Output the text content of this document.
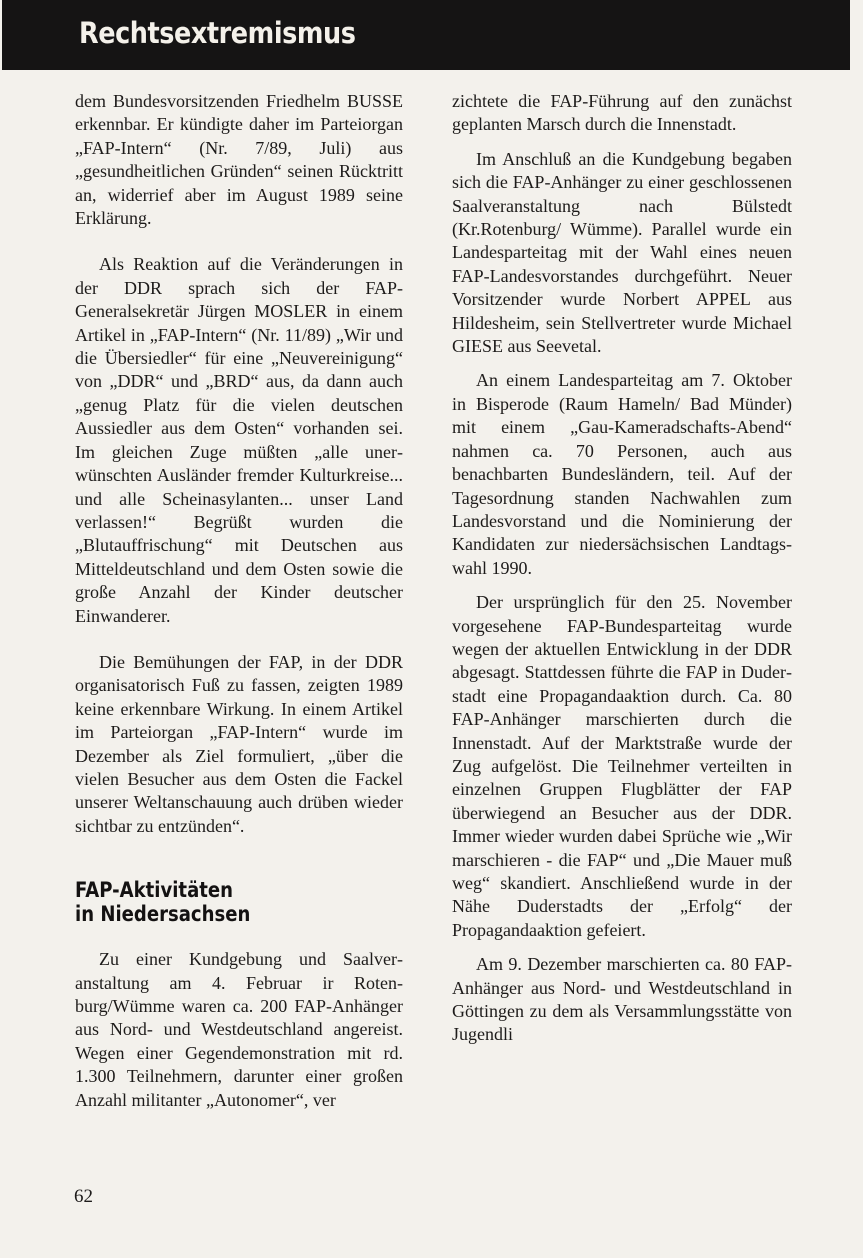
Rechtsextremismus

dem Bundesvorsitzenden Friedhelm BUSSE erkennbar. Er kündigte daher im Parteiorgan „FAP-Intern“ (Nr. 7/89, Juli) aus „gesundheitlichen Gründen“ seinen Rücktritt an, widerrief aber im August 1989 seine Erklärung.

Als Reaktion auf die Veränderungen in der DDR sprach sich der FAP-Generalsekretär Jürgen MOSLER in einem Artikel in „FAP-Intern“ (Nr. 11/89) „Wir und die Übersiedler“ für eine „Neuvereinigung“ von „DDR“ und „BRD“ aus, da dann auch „genug Platz für die vielen deutschen Aussiedler aus dem Osten“ vorhanden sei. Im gleichen Zuge müßten „alle unerwünschten Ausländer fremder Kulturkreise... und alle Scheinasylanten... unser Land verlassen!“ Begrüßt wurden die „Blutauffrischung“ mit Deutschen aus Mitteldeutschland und dem Osten sowie die große Anzahl der Kinder deutscher Einwanderer.

Die Bemühungen der FAP, in der DDR organisatorisch Fuß zu fassen, zeigten 1989 keine erkennbare Wirkung. In einem Artikel im Parteiorgan „FAP-Intern“ wurde im Dezember als Ziel formuliert, „über die vielen Besucher aus dem Osten die Fackel unserer Weltanschauung auch drüben wieder sichtbar zu entzünden“.

FAP-Aktivitäten
in Niedersachsen

Zu einer Kundgebung und Saalveranstaltung am 4. Februar ir Rotenburg/Wümme waren ca. 200 FAP-Anhänger aus Nord- und Westdeutschland angereist. Wegen einer Gegendemonstration mit rd. 1.300 Teilnehmern, darunter einer großen Anzahl militanter „Autonomer“, ver

zichtete die FAP-Führung auf den zunächst geplanten Marsch durch die Innenstadt.

Im Anschluß an die Kundgebung begaben sich die FAP-Anhänger zu einer geschlossenen Saalveranstaltung nach Bülstedt (Kr.Rotenburg/ Wümme). Parallel wurde ein Landesparteitag mit der Wahl eines neuen FAP-Landesvorstandes durchgeführt. Neuer Vorsitzender wurde Norbert APPEL aus Hildesheim, sein Stellvertreter wurde Michael GIESE aus Seevetal.

An einem Landesparteitag am 7. Oktober in Bisperode (Raum Hameln/ Bad Münder) mit einem „Gau-Kameradschafts-Abend“ nahmen ca. 70 Personen, auch aus benachbarten Bundesländern, teil. Auf der Tagesordnung standen Nachwahlen zum Landesvorstand und die Nominierung der Kandidaten zur niedersächsischen Landtagswahl 1990.

Der ursprünglich für den 25. November vorgesehene FAP-Bundesparteitag wurde wegen der aktuellen Entwicklung in der DDR abgesagt. Stattdessen führte die FAP in Duderstadt eine Propagandaaktion durch. Ca. 80 FAP-Anhänger marschierten durch die Innenstadt. Auf der Marktstraße wurde der Zug aufgelöst. Die Teilnehmer verteilten in einzelnen Gruppen Flugblätter der FAP überwiegend an Besucher aus der DDR. Immer wieder wurden dabei Sprüche wie „Wir marschieren - die FAP“ und „Die Mauer muß weg“ skandiert. Anschließend wurde in der Nähe Duderstadts der „Erfolg“ der Propagandaaktion gefeiert.

Am 9. Dezember marschierten ca. 80 FAP-Anhänger aus Nord- und Westdeutschland in Göttingen zu dem als Versammlungsstätte von Jugendli

62
